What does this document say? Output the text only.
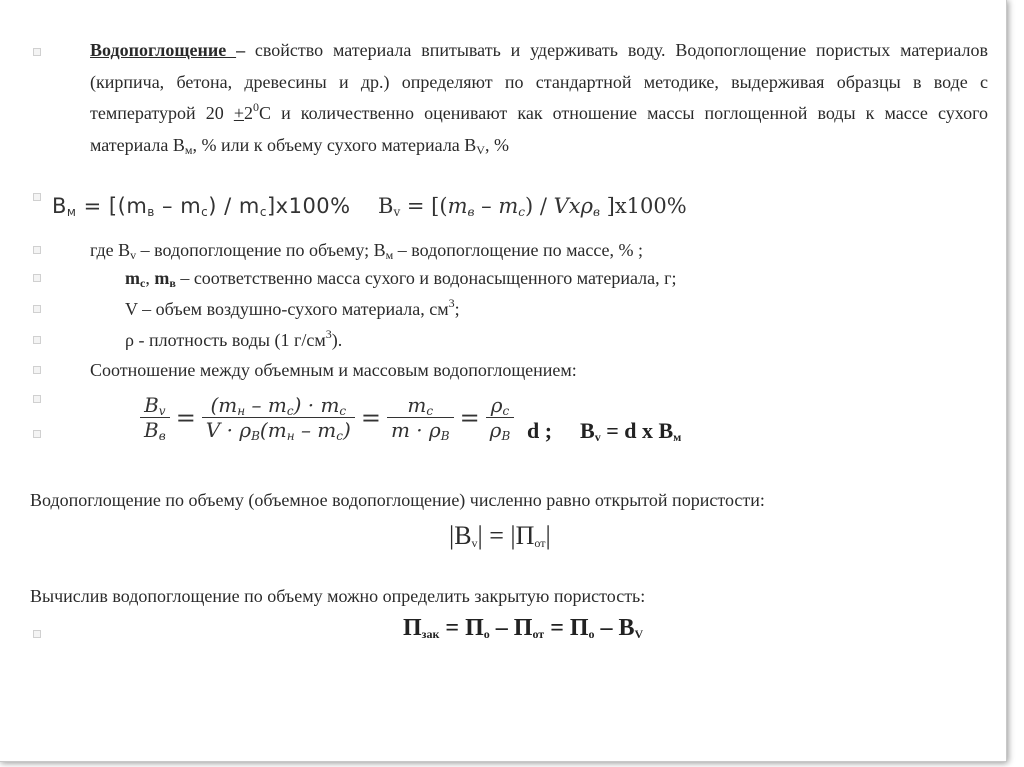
Водопоглощение – свойство материала впитывать и удерживать воду. Водопоглощение пористых материалов (кирпича, бетона, древесины и др.) определяют по стандартной методике, выдерживая образцы в воде с температурой $20 +2^0С$ и количественно оценивают как отношение массы поглощенной воды к массе сухого материала $В_м$, % или к объему сухого материала $В_V$, %
$В_м = [(m_в - m_с) / m_с]x100\%$ $В_v = [(m_в - m_с) / Vx\rho_в$ ]x100%
где $В_v$ – водопоглощение по объему; $В_м$ – водопоглощение по массе, % ;
$m_с$, $m_в$ – соответственно масса сухого и водонасыщенного материала, г;
V – объем воздушно-сухого материала, $см^3$;
ρ - плотность воды (1 $г/см^3$).
Соотношение между объемным и массовым водопоглощением:
$\frac{B_v}{B_в} = \frac{(m_н - m_c) \cdot m_c}{V \cdot \rho_B(m_н - m_c)} = \frac{m_c}{m \cdot \rho_B} = \frac{\rho_c}{\rho_B}$ d ; $B_v = d$ x $B_м$
Водопоглощение по объему (объемное водопоглощение) численно равно открытой пористости:
$|B_v| = |П_{от}|$
Вычислив водопоглощение по объему можно определить закрытую пористость:
$П_{зак} = П_о - П_{от} = П_о - B_V$
